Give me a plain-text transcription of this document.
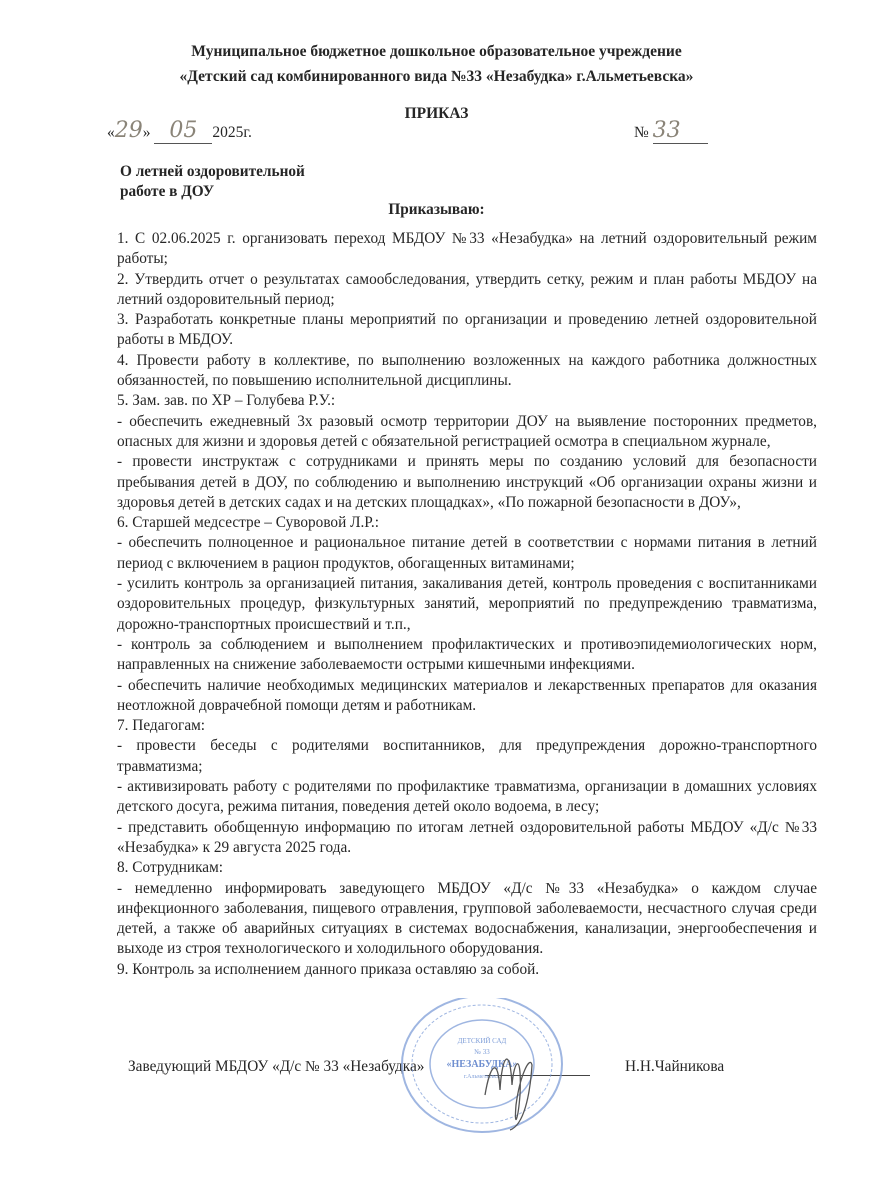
Муниципальное бюджетное дошкольное образовательное учреждение
«Детский сад комбинированного вида №33 «Незабудка» г.Альметьевска»
ПРИКАЗ
«29» 05 2025г.	№ 33
О летней оздоровительной
работе в ДОУ
Приказываю:

1. С 02.06.2025 г. организовать переход МБДОУ №33 «Незабудка» на летний оздоровительный режим работы;

2. Утвердить отчет о результатах самообследования, утвердить сетку, режим и план работы МБДОУ на летний оздоровительный период;

3. Разработать конкретные планы мероприятий по организации и проведению летней оздоровительной работы в МБДОУ.

4. Провести работу в коллективе, по выполнению возложенных на каждого работника должностных обязанностей, по повышению исполнительной дисциплины.

5. Зам. зав. по ХР – Голубева Р.У.:

- обеспечить ежедневный 3х разовый осмотр территории ДОУ на выявление посторонних предметов, опасных для жизни и здоровья детей с обязательной регистрацией осмотра в специальном журнале,

- провести инструктаж с сотрудниками и принять меры по созданию условий для безопасности пребывания детей в ДОУ, по соблюдению и выполнению инструкций «Об организации охраны жизни и здоровья детей в детских садах и на детских площадках», «По пожарной безопасности в ДОУ»,

6. Старшей медсестре – Суворовой Л.Р.:

- обеспечить полноценное и рациональное питание детей в соответствии с нормами питания в летний период с включением в рацион продуктов, обогащенных витаминами;

- усилить контроль за организацией питания, закаливания детей, контроль проведения с воспитанниками оздоровительных процедур, физкультурных занятий, мероприятий по предупреждению травматизма, дорожно-транспортных происшествий и т.п.,

- контроль за соблюдением и выполнением профилактических и противоэпидемиологических норм, направленных на снижение заболеваемости острыми кишечными инфекциями.

- обеспечить наличие необходимых медицинских материалов и лекарственных препаратов для оказания неотложной доврачебной помощи детям и работникам.

7. Педагогам:

- провести беседы с родителями воспитанников, для предупреждения дорожно-транспортного травматизма;

- активизировать работу с родителями по профилактике травматизма, организации в домашних условиях детского досуга, режима питания, поведения детей около водоема, в лесу;

- представить обобщенную информацию по итогам летней оздоровительной работы МБДОУ «Д/с №33 «Незабудка» к 29 августа 2025 года.

8. Сотрудникам:

- немедленно информировать заведующего МБДОУ «Д/с №33 «Незабудка» о каждом случае инфекционного заболевания, пищевого отравления, групповой заболеваемости, несчастного случая среди детей, а также об аварийных ситуациях в системах водоснабжения, канализации, энергообеспечения и выходе из строя технологического и холодильного оборудования.

9. Контроль за исполнением данного приказа оставляю за собой.

Заведующий МБДОУ «Д/с № 33 «Незабудка»	Н.Н.Чайникова
ДЕТСКИЙ САД
№ 33
«НЕЗАБУДКА»
г.Альметьевск
